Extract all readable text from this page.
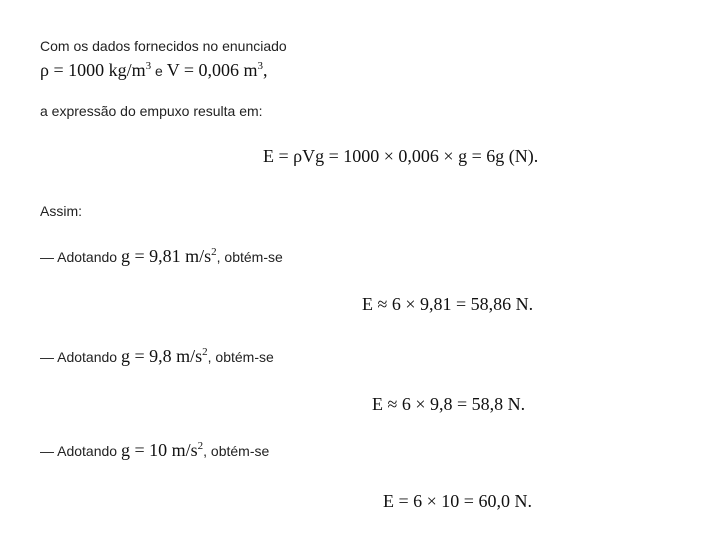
Com os dados fornecidos no enunciado
ρ = 1000 $kg/m^3$ e V = 0,006 $m^3$,
a expressão do empuxo resulta em:
E = ρVg = 1000 × 0,006 × g = 6g (N).
Assim:
— Adotando g = 9,81 $m/s^2$ , obtém-se
E ≈ 6 × 9,81 = 58,86 N.
— Adotando g = 9,8 $m/s^2$ , obtém-se
E ≈ 6 × 9,8 = 58,8 N.
— Adotando g = 10 $m/s^2$ , obtém-se
E = 6 × 10 = 60,0 N.
